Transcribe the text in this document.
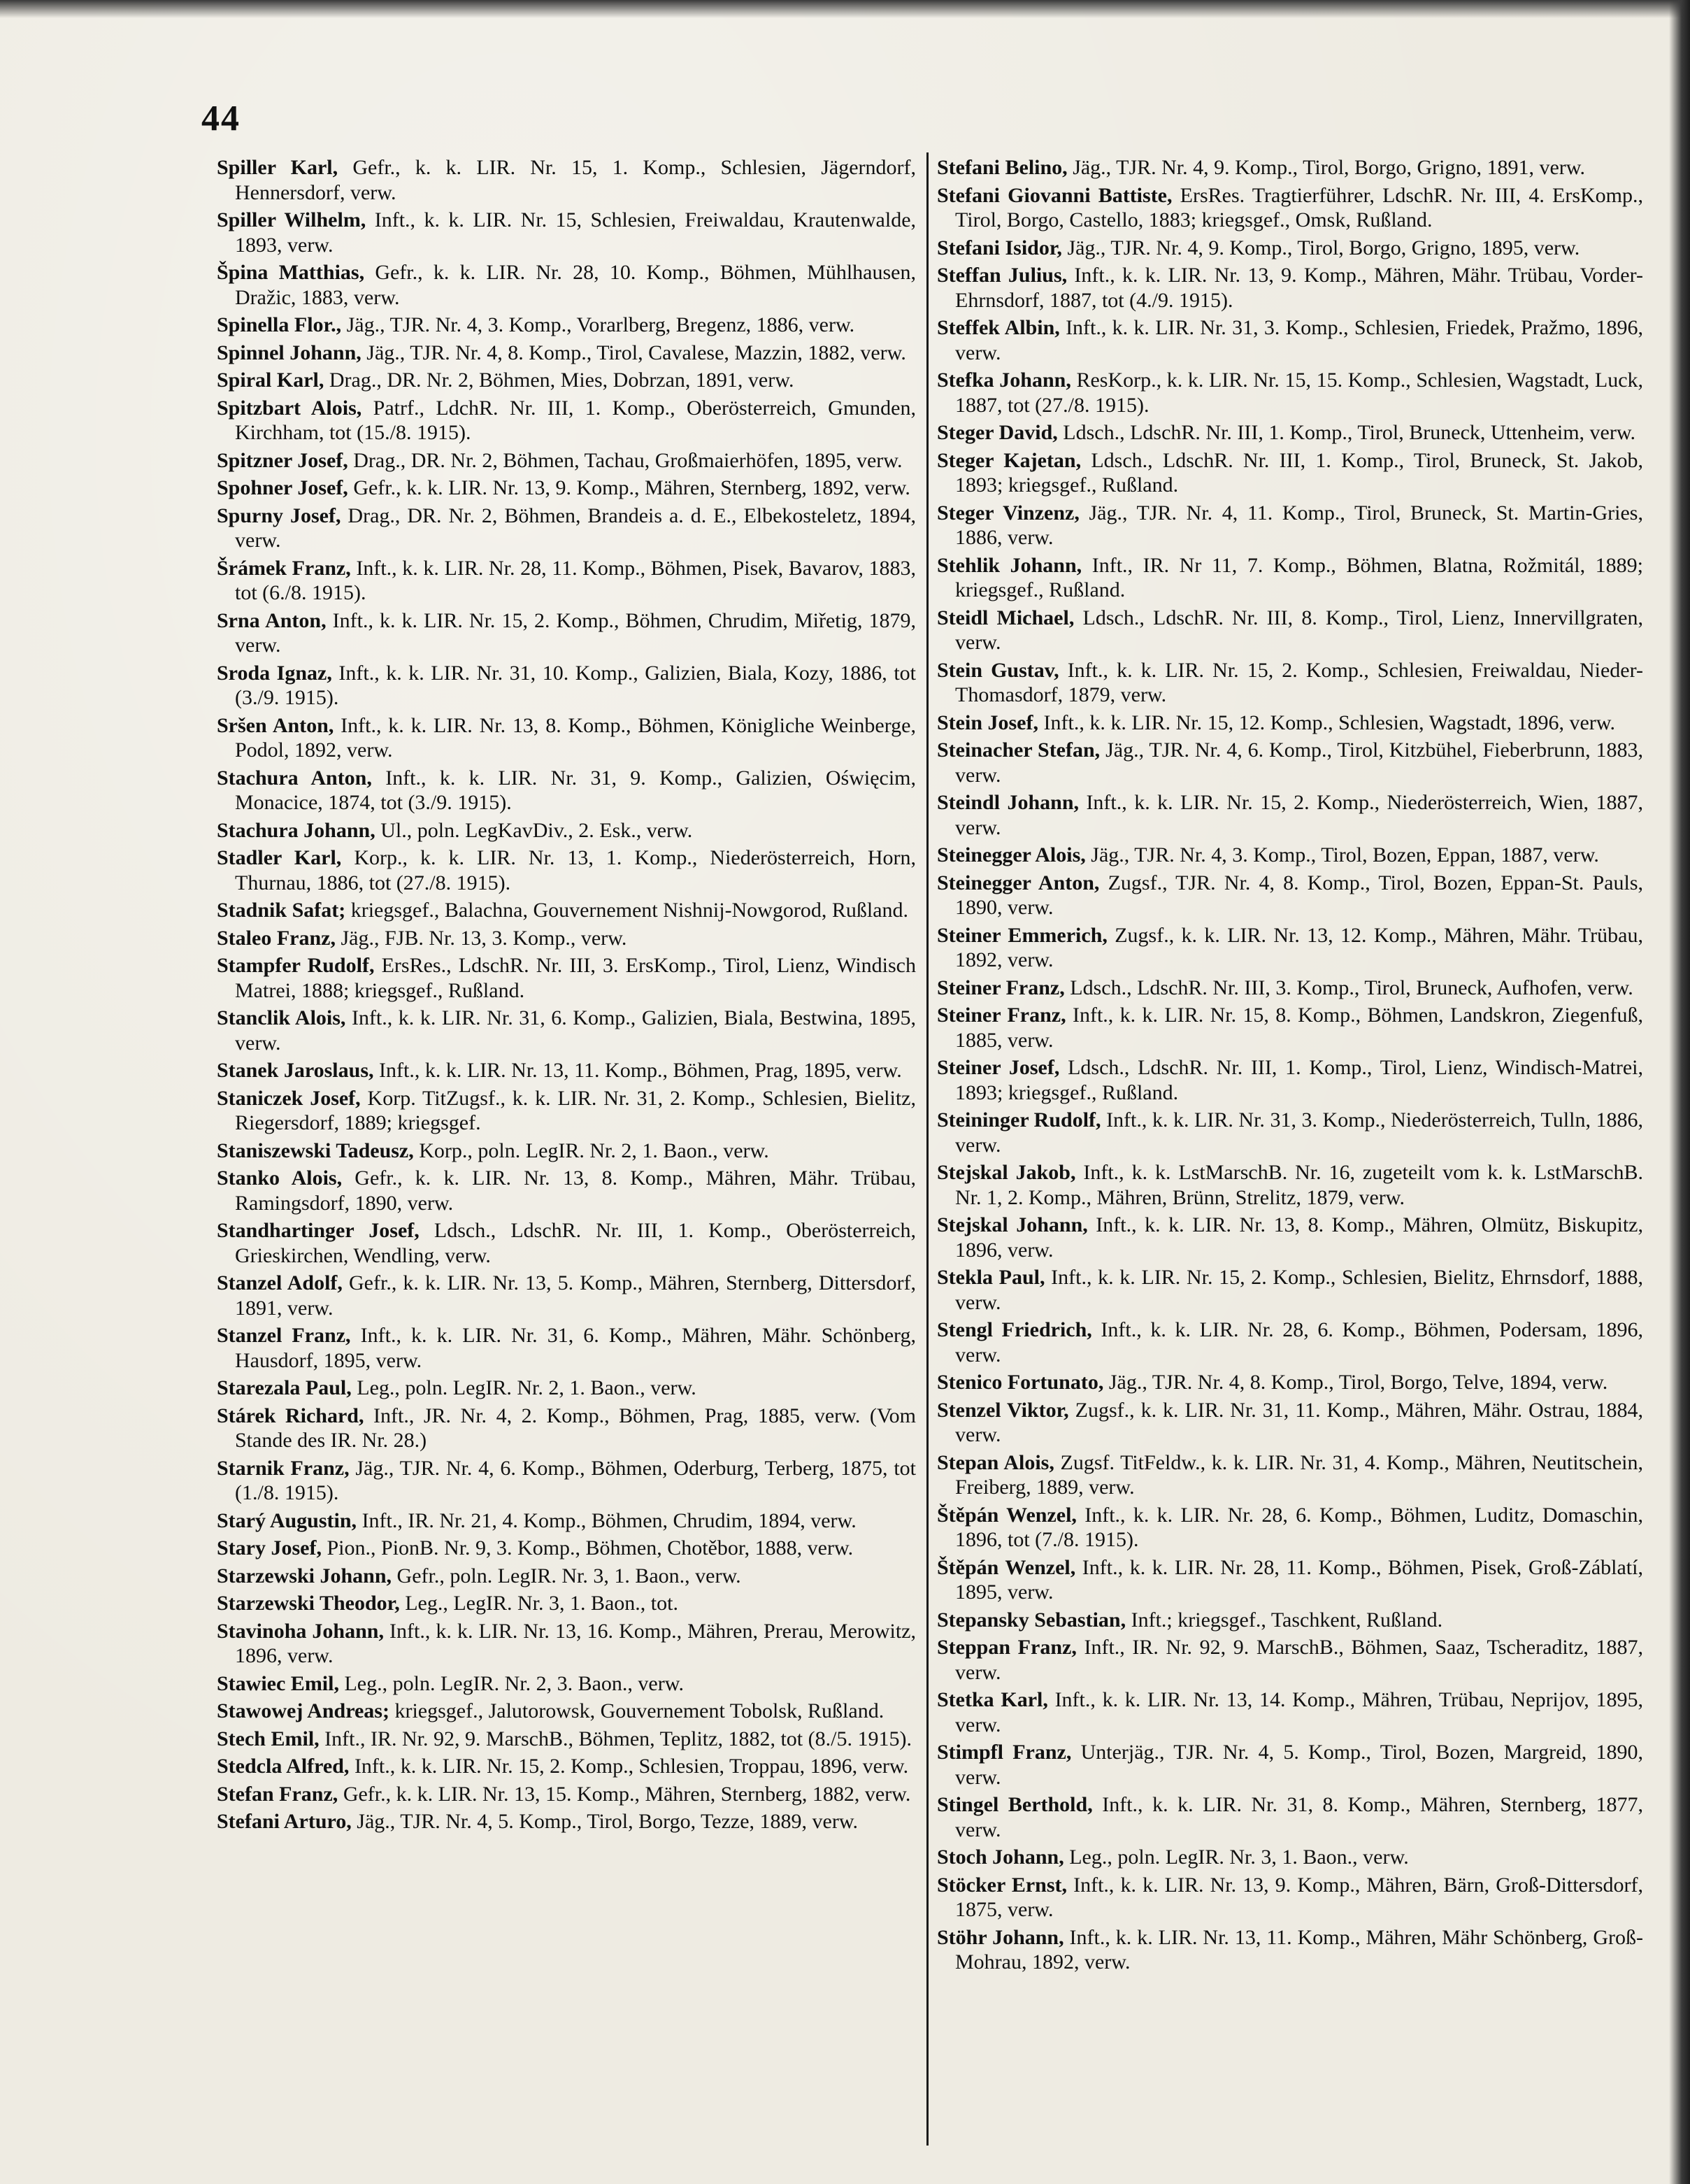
44

Spiller Karl, Gefr., k. k. LIR. Nr. 15, 1. Komp., Schlesien, Jägerndorf, Hennersdorf, verw.

Spiller Wilhelm, Inft., k. k. LIR. Nr. 15, Schlesien, Freiwaldau, Krautenwalde, 1893, verw.

Špina Matthias, Gefr., k. k. LIR. Nr. 28, 10. Komp., Böhmen, Mühlhausen, Dražic, 1883, verw.

Spinella Flor., Jäg., TJR. Nr. 4, 3. Komp., Vorarlberg, Bregenz, 1886, verw.

Spinnel Johann, Jäg., TJR. Nr. 4, 8. Komp., Tirol, Cavalese, Mazzin, 1882, verw.

Spiral Karl, Drag., DR. Nr. 2, Böhmen, Mies, Dobrzan, 1891, verw.

Spitzbart Alois, Patrf., LdchR. Nr. III, 1. Komp., Oberösterreich, Gmunden, Kirchham, tot (15./8. 1915).

Spitzner Josef, Drag., DR. Nr. 2, Böhmen, Tachau, Großmaierhöfen, 1895, verw.

Spohner Josef, Gefr., k. k. LIR. Nr. 13, 9. Komp., Mähren, Sternberg, 1892, verw.

Spurny Josef, Drag., DR. Nr. 2, Böhmen, Brandeis a. d. E., Elbekosteletz, 1894, verw.

Šrámek Franz, Inft., k. k. LIR. Nr. 28, 11. Komp., Böhmen, Pisek, Bavarov, 1883, tot (6./8. 1915).

Srna Anton, Inft., k. k. LIR. Nr. 15, 2. Komp., Böhmen, Chrudim, Miřetig, 1879, verw.

Sroda Ignaz, Inft., k. k. LIR. Nr. 31, 10. Komp., Galizien, Biala, Kozy, 1886, tot (3./9. 1915).

Sršen Anton, Inft., k. k. LIR. Nr. 13, 8. Komp., Böhmen, Königliche Weinberge, Podol, 1892, verw.

Stachura Anton, Inft., k. k. LIR. Nr. 31, 9. Komp., Galizien, Oświęcim, Monacice, 1874, tot (3./9. 1915).

Stachura Johann, Ul., poln. LegKavDiv., 2. Esk., verw.

Stadler Karl, Korp., k. k. LIR. Nr. 13, 1. Komp., Niederösterreich, Horn, Thurnau, 1886, tot (27./8. 1915).

Stadnik Safat; kriegsgef., Balachna, Gouvernement Nishnij-Nowgorod, Rußland.

Staleo Franz, Jäg., FJB. Nr. 13, 3. Komp., verw.

Stampfer Rudolf, ErsRes., LdschR. Nr. III, 3. ErsKomp., Tirol, Lienz, Windisch Matrei, 1888; kriegsgef., Rußland.

Stanclik Alois, Inft., k. k. LIR. Nr. 31, 6. Komp., Galizien, Biala, Bestwina, 1895, verw.

Stanek Jaroslaus, Inft., k. k. LIR. Nr. 13, 11. Komp., Böhmen, Prag, 1895, verw.

Staniczek Josef, Korp. TitZugsf., k. k. LIR. Nr. 31, 2. Komp., Schlesien, Bielitz, Riegersdorf, 1889; kriegsgef.

Staniszewski Tadeusz, Korp., poln. LegIR. Nr. 2, 1. Baon., verw.

Stanko Alois, Gefr., k. k. LIR. Nr. 13, 8. Komp., Mähren, Mähr. Trübau, Ramingsdorf, 1890, verw.

Standhartinger Josef, Ldsch., LdschR. Nr. III, 1. Komp., Oberösterreich, Grieskirchen, Wendling, verw.

Stanzel Adolf, Gefr., k. k. LIR. Nr. 13, 5. Komp., Mähren, Sternberg, Dittersdorf, 1891, verw.

Stanzel Franz, Inft., k. k. LIR. Nr. 31, 6. Komp., Mähren, Mähr. Schönberg, Hausdorf, 1895, verw.

Starezala Paul, Leg., poln. LegIR. Nr. 2, 1. Baon., verw.

Stárek Richard, Inft., JR. Nr. 4, 2. Komp., Böhmen, Prag, 1885, verw. (Vom Stande des IR. Nr. 28.)

Starnik Franz, Jäg., TJR. Nr. 4, 6. Komp., Böhmen, Oderburg, Terberg, 1875, tot (1./8. 1915).

Starý Augustin, Inft., IR. Nr. 21, 4. Komp., Böhmen, Chrudim, 1894, verw.

Stary Josef, Pion., PionB. Nr. 9, 3. Komp., Böhmen, Chotěbor, 1888, verw.

Starzewski Johann, Gefr., poln. LegIR. Nr. 3, 1. Baon., verw.

Starzewski Theodor, Leg., LegIR. Nr. 3, 1. Baon., tot.

Stavinoha Johann, Inft., k. k. LIR. Nr. 13, 16. Komp., Mähren, Prerau, Merowitz, 1896, verw.

Stawiec Emil, Leg., poln. LegIR. Nr. 2, 3. Baon., verw.

Stawowej Andreas; kriegsgef., Jalutorowsk, Gouvernement Tobolsk, Rußland.

Stech Emil, Inft., IR. Nr. 92, 9. MarschB., Böhmen, Teplitz, 1882, tot (8./5. 1915).

Stedcla Alfred, Inft., k. k. LIR. Nr. 15, 2. Komp., Schlesien, Troppau, 1896, verw.

Stefan Franz, Gefr., k. k. LIR. Nr. 13, 15. Komp., Mähren, Sternberg, 1882, verw.

Stefani Arturo, Jäg., TJR. Nr. 4, 5. Komp., Tirol, Borgo, Tezze, 1889, verw.

Stefani Belino, Jäg., TJR. Nr. 4, 9. Komp., Tirol, Borgo, Grigno, 1891, verw.

Stefani Giovanni Battiste, ErsRes. Tragtierführer, LdschR. Nr. III, 4. ErsKomp., Tirol, Borgo, Castello, 1883; kriegsgef., Omsk, Rußland.

Stefani Isidor, Jäg., TJR. Nr. 4, 9. Komp., Tirol, Borgo, Grigno, 1895, verw.

Steffan Julius, Inft., k. k. LIR. Nr. 13, 9. Komp., Mähren, Mähr. Trübau, Vorder-Ehrnsdorf, 1887, tot (4./9. 1915).

Steffek Albin, Inft., k. k. LIR. Nr. 31, 3. Komp., Schlesien, Friedek, Pražmo, 1896, verw.

Stefka Johann, ResKorp., k. k. LIR. Nr. 15, 15. Komp., Schlesien, Wagstadt, Luck, 1887, tot (27./8. 1915).

Steger David, Ldsch., LdschR. Nr. III, 1. Komp., Tirol, Bruneck, Uttenheim, verw.

Steger Kajetan, Ldsch., LdschR. Nr. III, 1. Komp., Tirol, Bruneck, St. Jakob, 1893; kriegsgef., Rußland.

Steger Vinzenz, Jäg., TJR. Nr. 4, 11. Komp., Tirol, Bruneck, St. Martin-Gries, 1886, verw.

Stehlik Johann, Inft., IR. Nr 11, 7. Komp., Böhmen, Blatna, Rožmitál, 1889; kriegsgef., Rußland.

Steidl Michael, Ldsch., LdschR. Nr. III, 8. Komp., Tirol, Lienz, Innervillgraten, verw.

Stein Gustav, Inft., k. k. LIR. Nr. 15, 2. Komp., Schlesien, Freiwaldau, Nieder-Thomasdorf, 1879, verw.

Stein Josef, Inft., k. k. LIR. Nr. 15, 12. Komp., Schlesien, Wagstadt, 1896, verw.

Steinacher Stefan, Jäg., TJR. Nr. 4, 6. Komp., Tirol, Kitzbühel, Fieberbrunn, 1883, verw.

Steindl Johann, Inft., k. k. LIR. Nr. 15, 2. Komp., Niederösterreich, Wien, 1887, verw.

Steinegger Alois, Jäg., TJR. Nr. 4, 3. Komp., Tirol, Bozen, Eppan, 1887, verw.

Steinegger Anton, Zugsf., TJR. Nr. 4, 8. Komp., Tirol, Bozen, Eppan-St. Pauls, 1890, verw.

Steiner Emmerich, Zugsf., k. k. LIR. Nr. 13, 12. Komp., Mähren, Mähr. Trübau, 1892, verw.

Steiner Franz, Ldsch., LdschR. Nr. III, 3. Komp., Tirol, Bruneck, Aufhofen, verw.

Steiner Franz, Inft., k. k. LIR. Nr. 15, 8. Komp., Böhmen, Landskron, Ziegenfuß, 1885, verw.

Steiner Josef, Ldsch., LdschR. Nr. III, 1. Komp., Tirol, Lienz, Windisch-Matrei, 1893; kriegsgef., Rußland.

Steininger Rudolf, Inft., k. k. LIR. Nr. 31, 3. Komp., Niederösterreich, Tulln, 1886, verw.

Stejskal Jakob, Inft., k. k. LstMarschB. Nr. 16, zugeteilt vom k. k. LstMarschB. Nr. 1, 2. Komp., Mähren, Brünn, Strelitz, 1879, verw.

Stejskal Johann, Inft., k. k. LIR. Nr. 13, 8. Komp., Mähren, Olmütz, Biskupitz, 1896, verw.

Stekla Paul, Inft., k. k. LIR. Nr. 15, 2. Komp., Schlesien, Bielitz, Ehrnsdorf, 1888, verw.

Stengl Friedrich, Inft., k. k. LIR. Nr. 28, 6. Komp., Böhmen, Podersam, 1896, verw.

Stenico Fortunato, Jäg., TJR. Nr. 4, 8. Komp., Tirol, Borgo, Telve, 1894, verw.

Stenzel Viktor, Zugsf., k. k. LIR. Nr. 31, 11. Komp., Mähren, Mähr. Ostrau, 1884, verw.

Stepan Alois, Zugsf. TitFeldw., k. k. LIR. Nr. 31, 4. Komp., Mähren, Neutitschein, Freiberg, 1889, verw.

Štěpán Wenzel, Inft., k. k. LIR. Nr. 28, 6. Komp., Böhmen, Luditz, Domaschin, 1896, tot (7./8. 1915).

Štěpán Wenzel, Inft., k. k. LIR. Nr. 28, 11. Komp., Böhmen, Pisek, Groß-Záblatí, 1895, verw.

Stepansky Sebastian, Inft.; kriegsgef., Taschkent, Rußland.

Steppan Franz, Inft., IR. Nr. 92, 9. MarschB., Böhmen, Saaz, Tscheraditz, 1887, verw.

Stetka Karl, Inft., k. k. LIR. Nr. 13, 14. Komp., Mähren, Trübau, Neprijov, 1895, verw.

Stimpfl Franz, Unterjäg., TJR. Nr. 4, 5. Komp., Tirol, Bozen, Margreid, 1890, verw.

Stingel Berthold, Inft., k. k. LIR. Nr. 31, 8. Komp., Mähren, Sternberg, 1877, verw.

Stoch Johann, Leg., poln. LegIR. Nr. 3, 1. Baon., verw.

Stöcker Ernst, Inft., k. k. LIR. Nr. 13, 9. Komp., Mähren, Bärn, Groß-Dittersdorf, 1875, verw.

Stöhr Johann, Inft., k. k. LIR. Nr. 13, 11. Komp., Mähren, Mähr Schönberg, Groß-Mohrau, 1892, verw.
